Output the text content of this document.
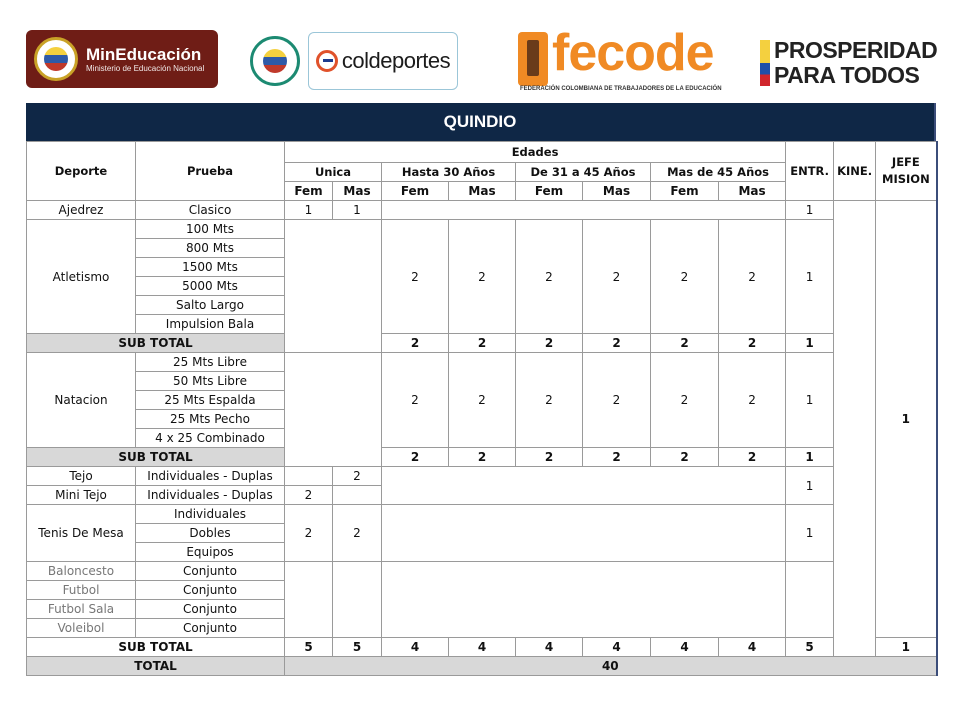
MinEducación
Ministerio de Educación Nacional	coldeportes fecode
FEDERACIÓN COLOMBIANA DE TRABAJADORES DE LA EDUCACIÓN
PROSPERIDAD
PARA TODOS
QUINDIO
Deporte	Prueba	Edades								ENTR.	KINE.	JEFE MISION
		Unica		Hasta 30 Años		De 31 a 45 Años		Mas de 45 Años				
		Fem	Mas	Fem	Mas	Fem	Mas	Fem	Mas			
Ajedrez	Clasico	1	1							1		1
Atletismo	100 Mts			2	2	2	2	2	2	1		
	800 Mts											
	1500 Mts											
	5000 Mts											
	Salto Largo											
	Impulsion Bala											
SUB TOTAL				2	2	2	2	2	2	1		
Natacion	25 Mts Libre			2	2	2	2	2	2	1		
	50 Mts Libre											
	25 Mts Espalda											
	25 Mts Pecho											
	4 x 25 Combinado											
SUB TOTAL				2	2	2	2	2	2	1		
Tejo	Individuales - Duplas		2							1		
Mini Tejo	Individuales - Duplas	2										
Tenis De Mesa	Individuales	2	2							1		
	Dobles											
	Equipos											
Baloncesto	Conjunto											
Futbol	Conjunto											
Futbol Sala	Conjunto											
Voleibol	Conjunto											
SUB TOTAL		5	5	4	4	4	4	4	4	5		1
TOTAL		40										
